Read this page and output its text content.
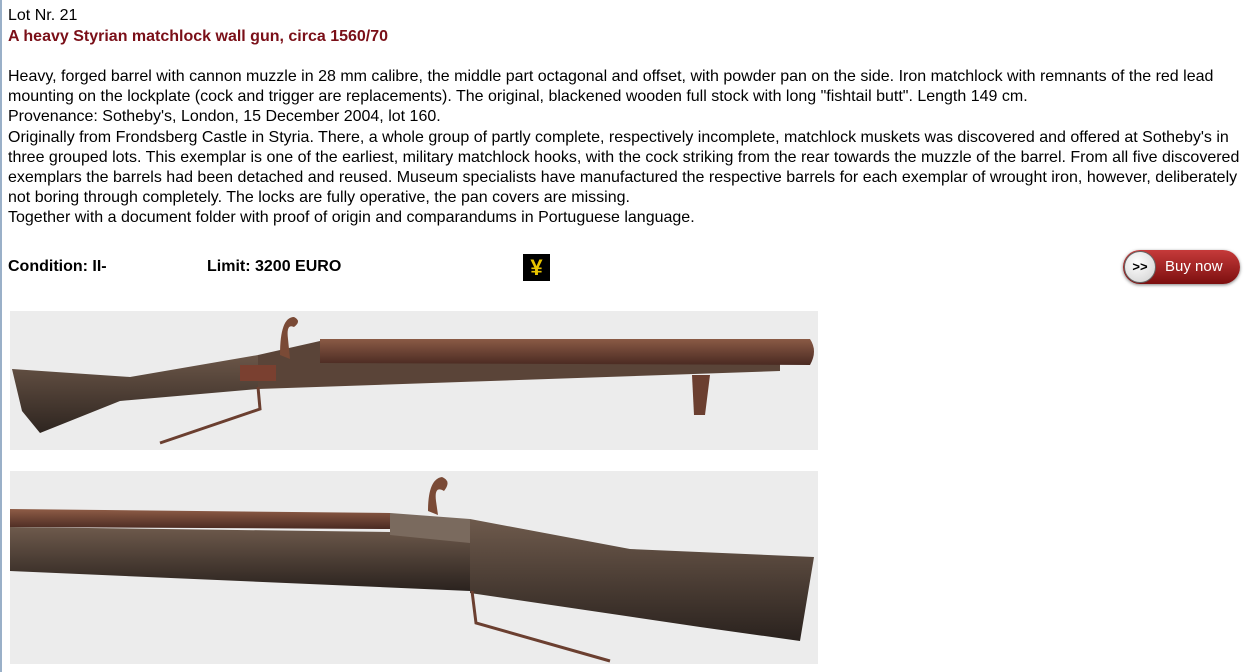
Lot Nr. 21
A heavy Styrian matchlock wall gun, circa 1560/70

Heavy, forged barrel with cannon muzzle in 28 mm calibre, the middle part octagonal and offset, with powder pan on the side. Iron matchlock with remnants of the red lead mounting on the lockplate (cock and trigger are replacements). The original, blackened wooden full stock with long "fishtail butt". Length 149 cm.

Provenance: Sotheby's, London, 15 December 2004, lot 160.

Originally from Frondsberg Castle in Styria. There, a whole group of partly complete, respectively incomplete, matchlock muskets was discovered and offered at Sotheby's in three grouped lots. This exemplar is one of the earliest, military matchlock hooks, with the cock striking from the rear towards the muzzle of the barrel. From all five discovered exemplars the barrels had been detached and reused. Museum specialists have manufactured the respective barrels for each exemplar of wrought iron, however, deliberately not boring through completely. The locks are fully operative, the pan covers are missing.

Together with a document folder with proof of origin and comparandums in Portuguese language.

Condition: II-	Limit: 3200 EURO	¥	>>	Buy now
